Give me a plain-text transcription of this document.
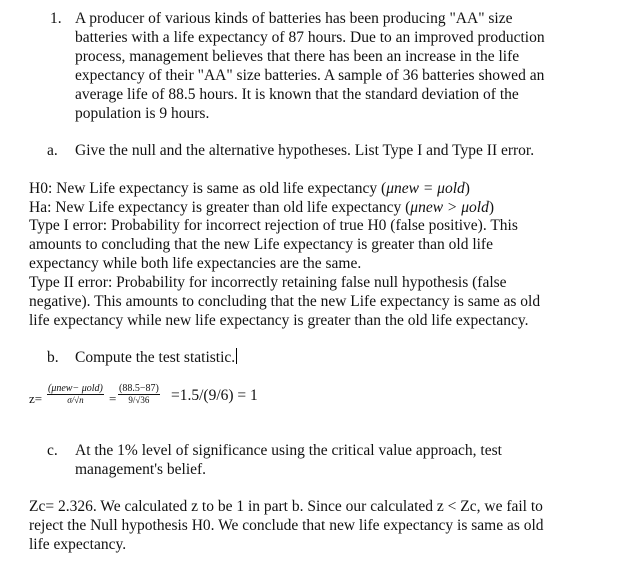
1. A producer of various kinds of batteries has been producing "AA" size
batteries with a life expectancy of 87 hours. Due to an improved production
process, management believes that there has been an increase in the life
expectancy of their "AA" size batteries. A sample of 36 batteries showed an
average life of 88.5 hours. It is known that the standard deviation of the
population is 9 hours.
a. Give the null and the alternative hypotheses. List Type I and Type II error.
H0: New Life expectancy is same as old life expectancy (μnew = μold)
Ha: New Life expectancy is greater than old life expectancy (μnew > μold)
Type I error: Probability for incorrect rejection of true H0 (false positive). This
amounts to concluding that the new Life expectancy is greater than old life
expectancy while both life expectancies are the same.
Type II error: Probability for incorrectly retaining false null hypothesis (false
negative). This amounts to concluding that the new Life expectancy is same as old
life expectancy while new life expectancy is greater than the old life expectancy.
b. Compute the test statistic.
z=
(μnew− μold)
σ/√n	= $\frac{(88.5-87)}{9/√36} =1.5/(9/6) = 1$
c. At the 1% level of significance using the critical value approach, test
management's belief.
Zc= 2.326. We calculated z to be 1 in part b. Since our calculated z < Zc, we fail to
reject the Null hypothesis H0. We conclude that new life expectancy is same as old
life expectancy.
